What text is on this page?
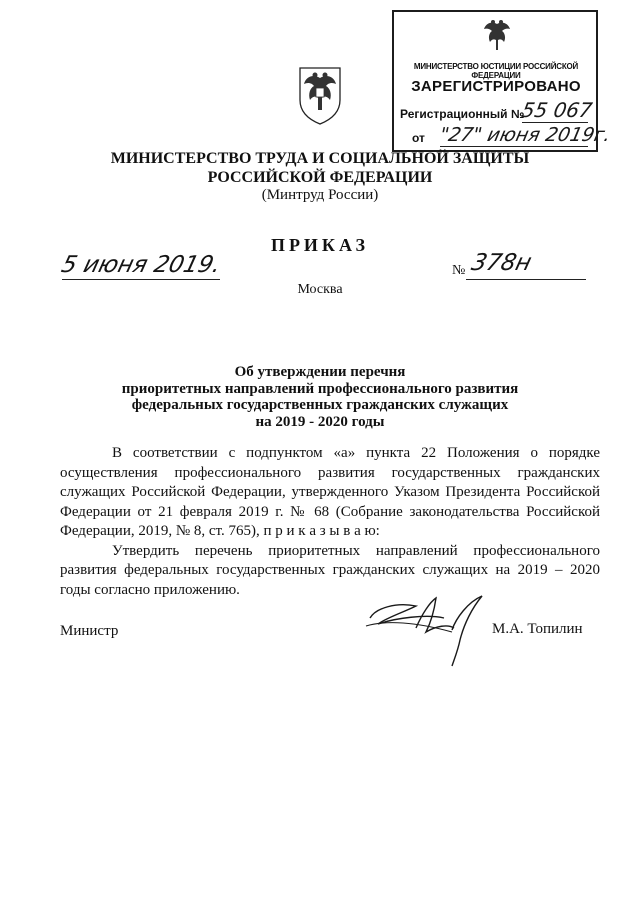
МИНИСТЕРСТВО ЮСТИЦИИ РОССИЙСКОЙ ФЕДЕРАЦИИ
ЗАРЕГИСТРИРОВАНО
Регистрационный №
55 067
от "27" июня 2019г.
МИНИСТЕРСТВО ТРУДА И СОЦИАЛЬНОЙ ЗАЩИТЫ
РОССИЙСКОЙ ФЕДЕРАЦИИ
(Минтруд России)
ПРИКАЗ
5 июня 2019.	№ 378н
Москва
Об утверждении перечня
приоритетных направлений профессионального развития
федеральных государственных гражданских служащих
на 2019 - 2020 годы

В соответствии с подпунктом «а» пункта 22 Положения о порядке осуществления профессионального развития государственных гражданских служащих Российской Федерации, утвержденного Указом Президента Российской Федерации от 21 февраля 2019 г. № 68 (Собрание законодательства Российской Федерации, 2019, № 8, ст. 765), п р и к а з ы в а ю:

Утвердить перечень приоритетных направлений профессионального развития федеральных государственных гражданских служащих на 2019 – 2020 годы согласно приложению.

Министр	М.А. Топилин
